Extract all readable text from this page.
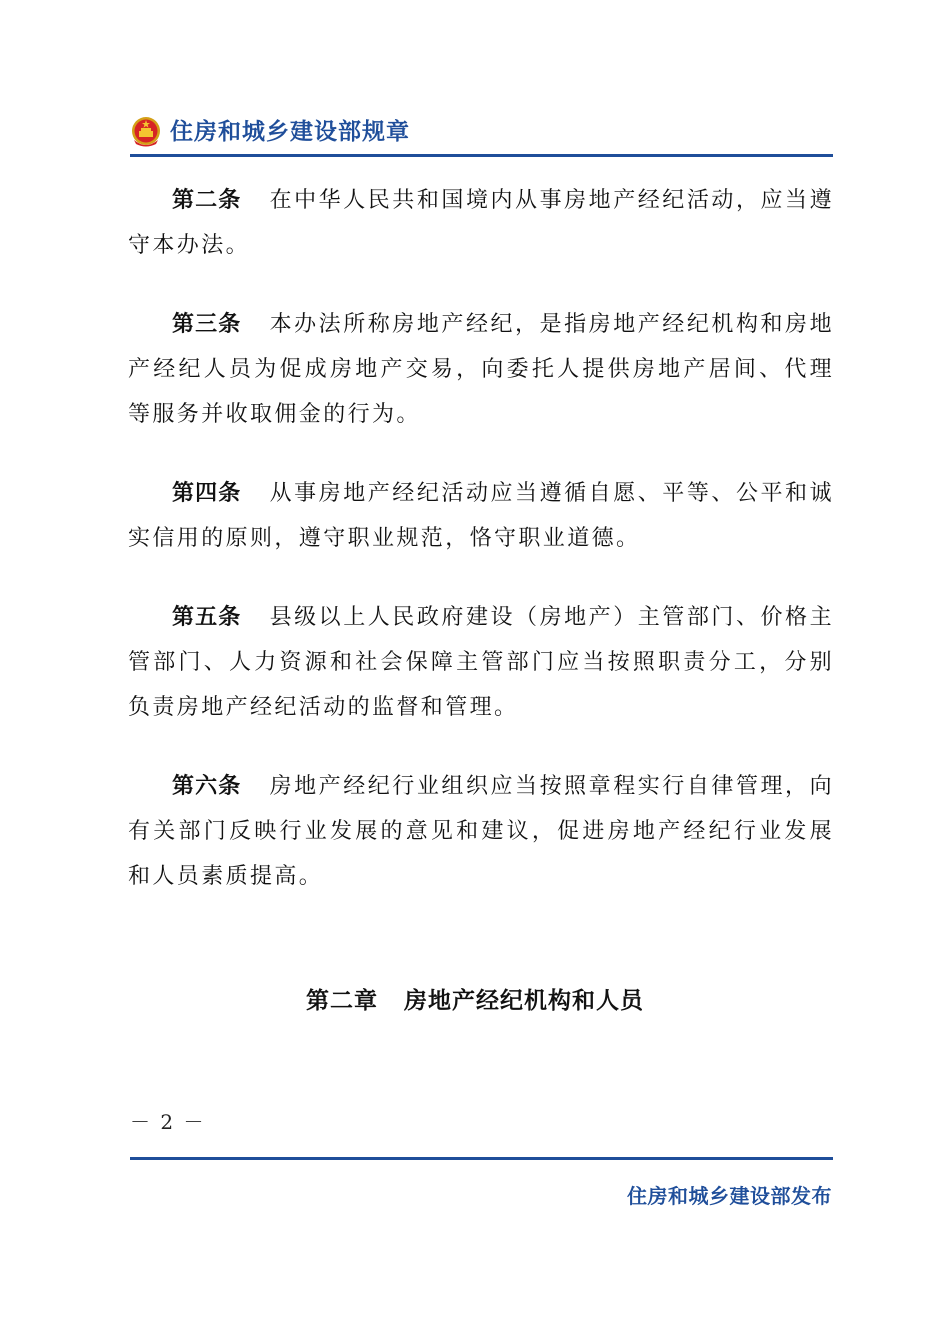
住房和城乡建设部规章

第二条 在中华人民共和国境内从事房地产经纪活动，应当遵守本办法。

第三条 本办法所称房地产经纪，是指房地产经纪机构和房地产经纪人员为促成房地产交易，向委托人提供房地产居间、代理等服务并收取佣金的行为。

第四条 从事房地产经纪活动应当遵循自愿、平等、公平和诚实信用的原则，遵守职业规范，恪守职业道德。

第五条 县级以上人民政府建设（房地产）主管部门、价格主管部门、人力资源和社会保障主管部门应当按照职责分工，分别负责房地产经纪活动的监督和管理。

第六条 房地产经纪行业组织应当按照章程实行自律管理，向有关部门反映行业发展的意见和建议，促进房地产经纪行业发展和人员素质提高。

第二章 房地产经纪机构和人员
－ 2 －
住房和城乡建设部发布
